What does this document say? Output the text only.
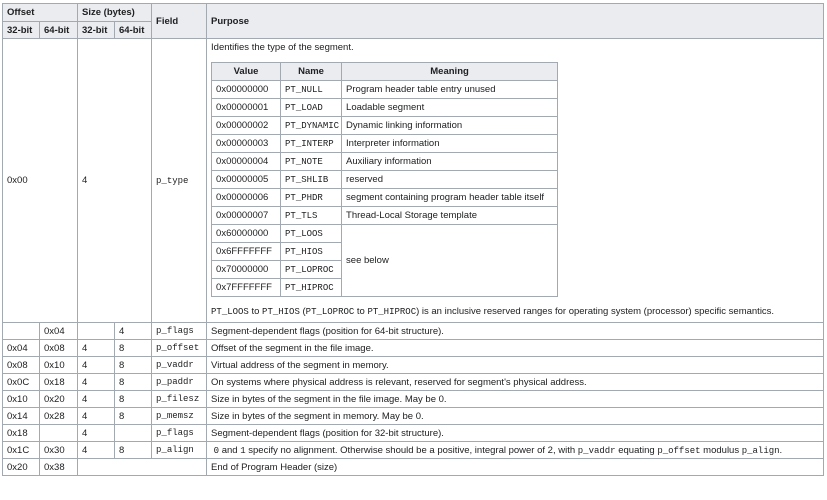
Offset	Size (bytes)	Field	Purpose
32-bit	64-bit	32-bit	64-bit
0x00	4	p_type	
Identifies the type of the segment.
Value	Name	Meaning
0x00000000	PT_NULL	Program header table entry unused
0x00000001	PT_LOAD	Loadable segment
0x00000002	PT_DYNAMIC	Dynamic linking information
0x00000003	PT_INTERP	Interpreter information
0x00000004	PT_NOTE	Auxiliary information
0x00000005	PT_SHLIB	reserved
0x00000006	PT_PHDR	segment containing program header table itself
0x00000007	PT_TLS	Thread-Local Storage template
0x60000000	PT_LOOS	see below
0x6FFFFFFF	PT_HIOS
0x70000000	PT_LOPROC
0x7FFFFFFF	PT_HIPROC
PT_LOOS to PT_HIOS (PT_LOPROC to PT_HIPROC) is an inclusive reserved ranges for operating system (processor) specific semantics.

	0x04		4	p_flags	Segment-dependent flags (position for 64-bit structure).
0x04	0x08	4	8	p_offset	Offset of the segment in the file image.
0x08	0x10	4	8	p_vaddr	Virtual address of the segment in memory.
0x0C	0x18	4	8	p_paddr	On systems where physical address is relevant, reserved for segment's physical address.
0x10	0x20	4	8	p_filesz	Size in bytes of the segment in the file image. May be 0.
0x14	0x28	4	8	p_memsz	Size in bytes of the segment in memory. May be 0.
0x18		4		p_flags	Segment-dependent flags (position for 32-bit structure).
0x1C	0x30	4	8	p_align	0 and 1 specify no alignment. Otherwise should be a positive, integral power of 2, with p_vaddr equating p_offset modulus p_align.
0x20	0x38		End of Program Header (size)
